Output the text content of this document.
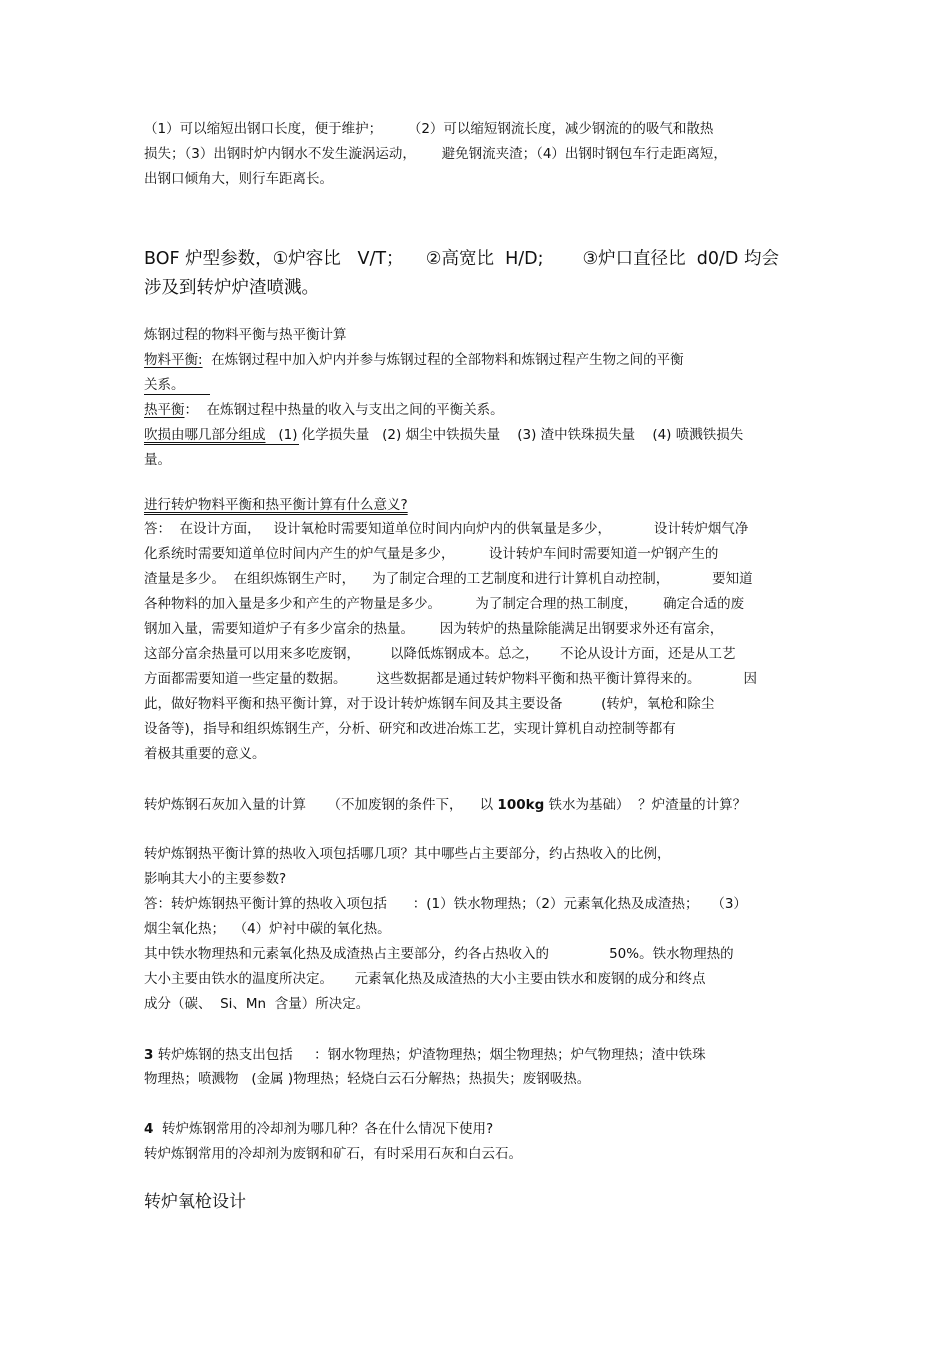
（1）可以缩短出钢口长度，便于维护；      （2）可以缩短钢流长度，减少钢流的的吸气和散热
损失；（3）出钢时炉内钢水不发生漩涡运动，      避免钢流夹渣；（4）出钢时钢包车行走距离短，
出钢口倾角大，则行车距离长。
BOF 炉型参数，①炉容比   V/T；    ②高宽比  H/D;       ③炉口直径比  d0/D 均会
涉及到转炉炉渣喷溅。
炼钢过程的物料平衡与热平衡计算
物料平衡:  在炼钢过程中加入炉内并参与炼钢过程的全部物料和炼钢过程产生物之间的平衡
关系。
热平衡：  在炼钢过程中热量的收入与支出之间的平衡关系。
吹损由哪几部分组成   (1) 化学损失量   (2) 烟尘中铁损失量    (3) 渣中铁珠损失量    (4) 喷溅铁损失
量。
进行转炉物料平衡和热平衡计算有什么意义?
答：  在设计方面，   设计氧枪时需要知道单位时间内向炉内的供氧量是多少，          设计转炉烟气净
化系统时需要知道单位时间内产生的炉气量是多少，        设计转炉车间时需要知道一炉钢产生的
渣量是多少。  在组织炼钢生产时，    为了制定合理的工艺制度和进行计算机自动控制，          要知道
各种物料的加入量是多少和产生的产物量是多少。        为了制定合理的热工制度，      确定合适的废
钢加入量，需要知道炉子有多少富余的热量。      因为转炉的热量除能满足出钢要求外还有富余，
这部分富余热量可以用来多吃废钢，       以降低炼钢成本。总之，     不论从设计方面，还是从工艺
方面都需要知道一些定量的数据。       这些数据都是通过转炉物料平衡和热平衡计算得来的。          因
此，做好物料平衡和热平衡计算，对于设计转炉炼钢车间及其主要设备         (转炉，氧枪和除尘
设备等)，指导和组织炼钢生产，分析、研究和改进冶炼工艺，实现计算机自动控制等都有
着极其重要的意义。
转炉炼钢石灰加入量的计算     （不加废钢的条件下，    以 100kg 铁水为基础）  ？炉渣量的计算？
转炉炼钢热平衡计算的热收入项包括哪几项？其中哪些占主要部分，约占热收入的比例，
影响其大小的主要参数?
答：转炉炼钢热平衡计算的热收入项包括      ：(1）铁水物理热；（2）元素氧化热及成渣热；   （3）
烟尘氧化热；  （4）炉衬中碳的氧化热。
其中铁水物理热和元素氧化热及成渣热占主要部分，约各占热收入的              50%。铁水物理热的
大小主要由铁水的温度所决定。     元素氧化热及成渣热的大小主要由铁水和废钢的成分和终点
成分（碳、  Si、Mn  含量）所决定。
3 转炉炼钢的热支出包括     ：钢水物理热；炉渣物理热；烟尘物理热；炉气物理热；渣中铁珠
物理热；喷溅物   (金属 )物理热；轻烧白云石分解热；热损失；废钢吸热。
4  转炉炼钢常用的冷却剂为哪几种？各在什么情况下使用?
转炉炼钢常用的冷却剂为废钢和矿石，有时采用石灰和白云石。
转炉氧枪设计
